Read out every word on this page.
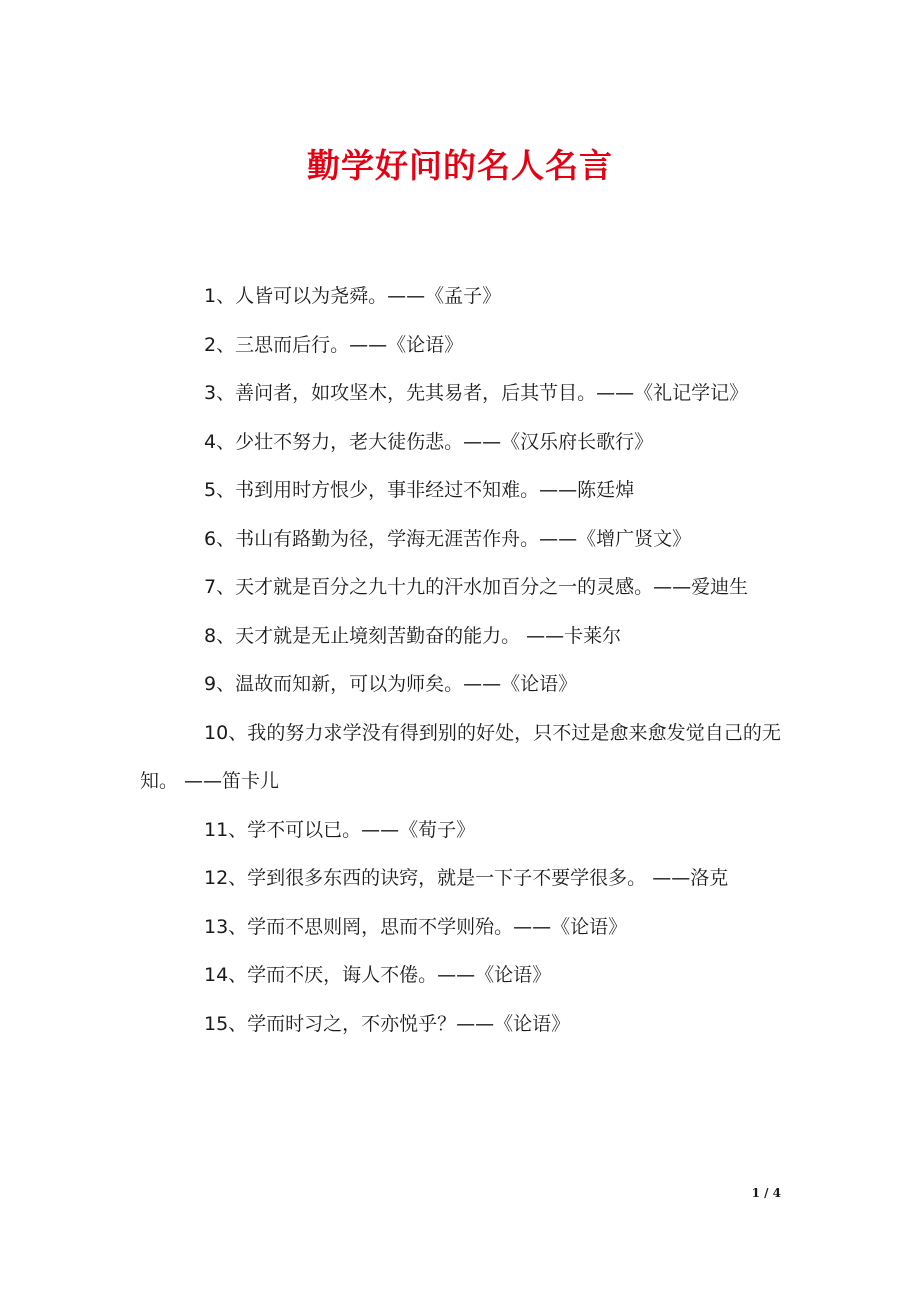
勤学好问的名人名言

1、人皆可以为尧舜。——《孟子》

2、三思而后行。——《论语》

3、善问者，如攻坚木，先其易者，后其节目。——《礼记学记》

4、少壮不努力，老大徒伤悲。——《汉乐府长歌行》

5、书到用时方恨少，事非经过不知难。——陈廷焯

6、书山有路勤为径，学海无涯苦作舟。——《增广贤文》

7、天才就是百分之九十九的汗水加百分之一的灵感。——爱迪生

8、天才就是无止境刻苦勤奋的能力。 ——卡莱尔

9、温故而知新，可以为师矣。——《论语》

10、我的努力求学没有得到别的好处，只不过是愈来愈发觉自己的无知。 ——笛卡儿

11、学不可以已。——《荀子》

12、学到很多东西的诀窍，就是一下子不要学很多。 ——洛克

13、学而不思则罔，思而不学则殆。——《论语》

14、学而不厌，诲人不倦。——《论语》

15、学而时习之，不亦悦乎？——《论语》

1 / 4
